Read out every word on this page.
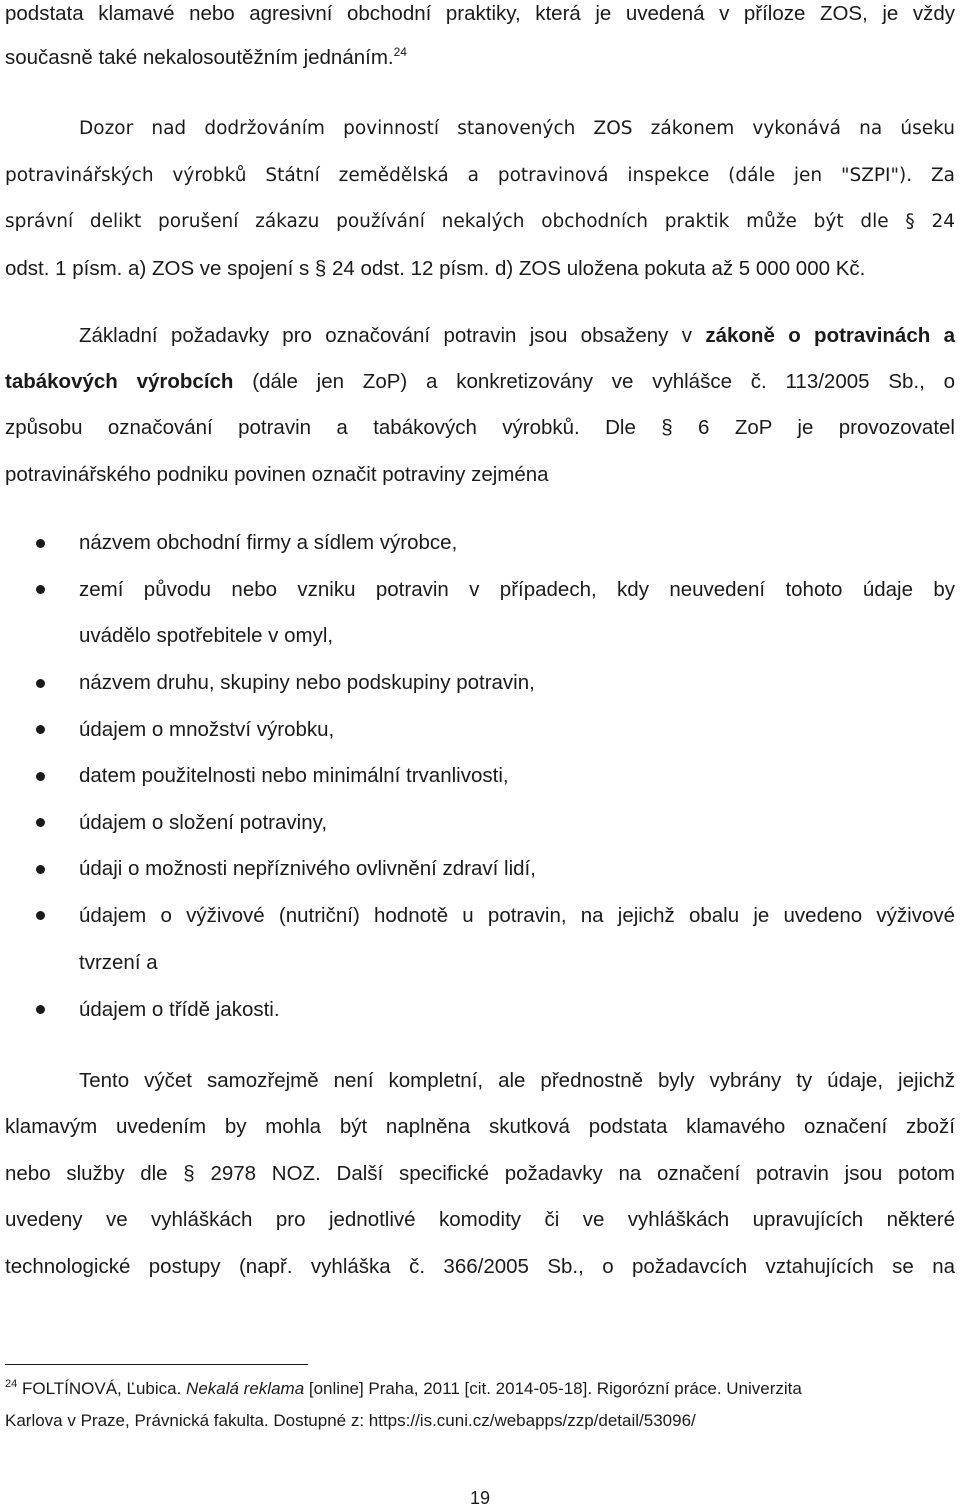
podstata klamavé nebo agresivní obchodní praktiky, která je uvedená v příloze ZOS, je vždy
současně také nekalosoutěžním jednáním.$^{24}$
Dozor nad dodržováním povinností stanovených ZOS zákonem vykonává na úseku
potravinářských výrobků Státní zemědělská a potravinová inspekce (dále jen "SZPI"). Za
správní delikt porušení zákazu používání nekalých obchodních praktik může být dle § 24
odst. 1 písm. a) ZOS ve spojení s § 24 odst. 12 písm. d) ZOS uložena pokuta až 5 000 000 Kč.
Základní požadavky pro označování potravin jsou obsaženy v zákoně o potravinách a
tabákových výrobcích (dále jen ZoP) a konkretizovány ve vyhlášce č. 113/2005 Sb., o
způsobu označování potravin a tabákových výrobků. Dle § 6 ZoP je provozovatel
potravinářského podniku povinen označit potraviny zejména
názvem obchodní firmy a sídlem výrobce,
zemí původu nebo vzniku potravin v případech, kdy neuvedení tohoto údaje by
uvádělo spotřebitele v omyl,
názvem druhu, skupiny nebo podskupiny potravin,
údajem o množství výrobku,
datem použitelnosti nebo minimální trvanlivosti,
údajem o složení potraviny,
údaji o možnosti nepříznivého ovlivnění zdraví lidí,
údajem o výživové (nutriční) hodnotě u potravin, na jejichž obalu je uvedeno výživové
tvrzení a
údajem o třídě jakosti.
Tento výčet samozřejmě není kompletní, ale přednostně byly vybrány ty údaje, jejichž
klamavým uvedením by mohla být naplněna skutková podstata klamavého označení zboží
nebo služby dle § 2978 NOZ. Další specifické požadavky na označení potravin jsou potom
uvedeny ve vyhláškách pro jednotlivé komodity či ve vyhláškách upravujících některé
technologické postupy (např. vyhláška č. 366/2005 Sb., o požadavcích vztahujících se na
$^{24}$ FOLTÍNOVÁ, Ľubica. Nekalá reklama [online] Praha, 2011 [cit. 2014-05-18]. Rigorózní práce. Univerzita
Karlova v Praze, Právnická fakulta. Dostupné z: https://is.cuni.cz/webapps/zzp/detail/53096/
19
